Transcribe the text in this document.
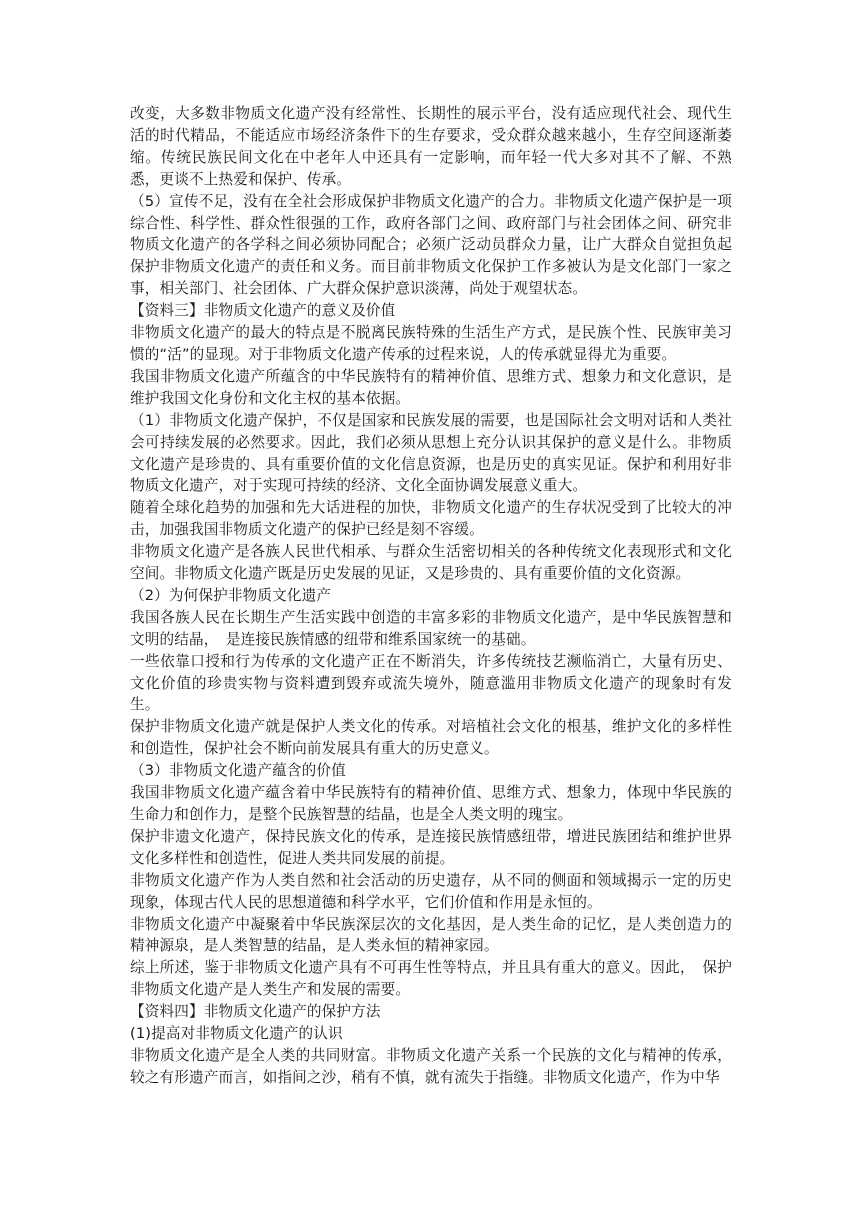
改变，大多数非物质文化遗产没有经常性、长期性的展示平台，没有适应现代社会、现代生活的时代精品，不能适应市场经济条件下的生存要求，受众群众越来越小，生存空间逐渐萎缩。传统民族民间文化在中老年人中还具有一定影响，而年轻一代大多对其不了解、不熟悉，更谈不上热爱和保护、传承。

（5）宣传不足，没有在全社会形成保护非物质文化遗产的合力。非物质文化遗产保护是一项综合性、科学性、群众性很强的工作，政府各部门之间、政府部门与社会团体之间、研究非物质文化遗产的各学科之间必须协同配合；必须广泛动员群众力量，让广大群众自觉担负起保护非物质文化遗产的责任和义务。而目前非物质文化保护工作多被认为是文化部门一家之事，相关部门、社会团体、广大群众保护意识淡薄，尚处于观望状态。

【资料三】非物质文化遗产的意义及价值

非物质文化遗产的最大的特点是不脱离民族特殊的生活生产方式，是民族个性、民族审美习惯的“活”的显现。对于非物质文化遗产传承的过程来说，人的传承就显得尤为重要。

我国非物质文化遗产所蕴含的中华民族特有的精神价值、思维方式、想象力和文化意识，是维护我国文化身份和文化主权的基本依据。

（1）非物质文化遗产保护，不仅是国家和民族发展的需要，也是国际社会文明对话和人类社会可持续发展的必然要求。因此，我们必须从思想上充分认识其保护的意义是什么。非物质文化遗产是珍贵的、具有重要价值的文化信息资源，也是历史的真实见证。保护和利用好非物质文化遗产，对于实现可持续的经济、文化全面协调发展意义重大。

随着全球化趋势的加强和先大话进程的加快，非物质文化遗产的生存状况受到了比较大的冲击，加强我国非物质文化遗产的保护已经是刻不容缓。

非物质文化遗产是各族人民世代相承、与群众生活密切相关的各种传统文化表现形式和文化空间。非物质文化遗产既是历史发展的见证，又是珍贵的、具有重要价值的文化资源。

（2）为何保护非物质文化遗产

我国各族人民在长期生产生活实践中创造的丰富多彩的非物质文化遗产，是中华民族智慧和文明的结晶，　是连接民族情感的纽带和维系国家统一的基础。

一些依靠口授和行为传承的文化遗产正在不断消失，许多传统技艺濒临消亡，大量有历史、文化价值的珍贵实物与资料遭到毁弃或流失境外，随意滥用非物质文化遗产的现象时有发生。

保护非物质文化遗产就是保护人类文化的传承。对培植社会文化的根基，维护文化的多样性和创造性，保护社会不断向前发展具有重大的历史意义。

（3）非物质文化遗产蕴含的价值

我国非物质文化遗产蕴含着中华民族特有的精神价值、思维方式、想象力，体现中华民族的生命力和创作力，是整个民族智慧的结晶，也是全人类文明的瑰宝。

保护非遗文化遗产，保持民族文化的传承，是连接民族情感纽带，增进民族团结和维护世界文化多样性和创造性，促进人类共同发展的前提。

非物质文化遗产作为人类自然和社会活动的历史遗存，从不同的侧面和领域揭示一定的历史现象，体现古代人民的思想道德和科学水平，它们价值和作用是永恒的。

非物质文化遗产中凝聚着中华民族深层次的文化基因，是人类生命的记忆，是人类创造力的精神源泉，是人类智慧的结晶，是人类永恒的精神家园。

综上所述，鉴于非物质文化遗产具有不可再生性等特点，并且具有重大的意义。因此，　保护非物质文化遗产是人类生产和发展的需要。

【资料四】非物质文化遗产的保护方法

(1)提高对非物质文化遗产的认识

非物质文化遗产是全人类的共同财富。非物质文化遗产关系一个民族的文化与精神的传承，较之有形遗产而言，如指间之沙，稍有不慎，就有流失于指缝。非物质文化遗产，作为中华
